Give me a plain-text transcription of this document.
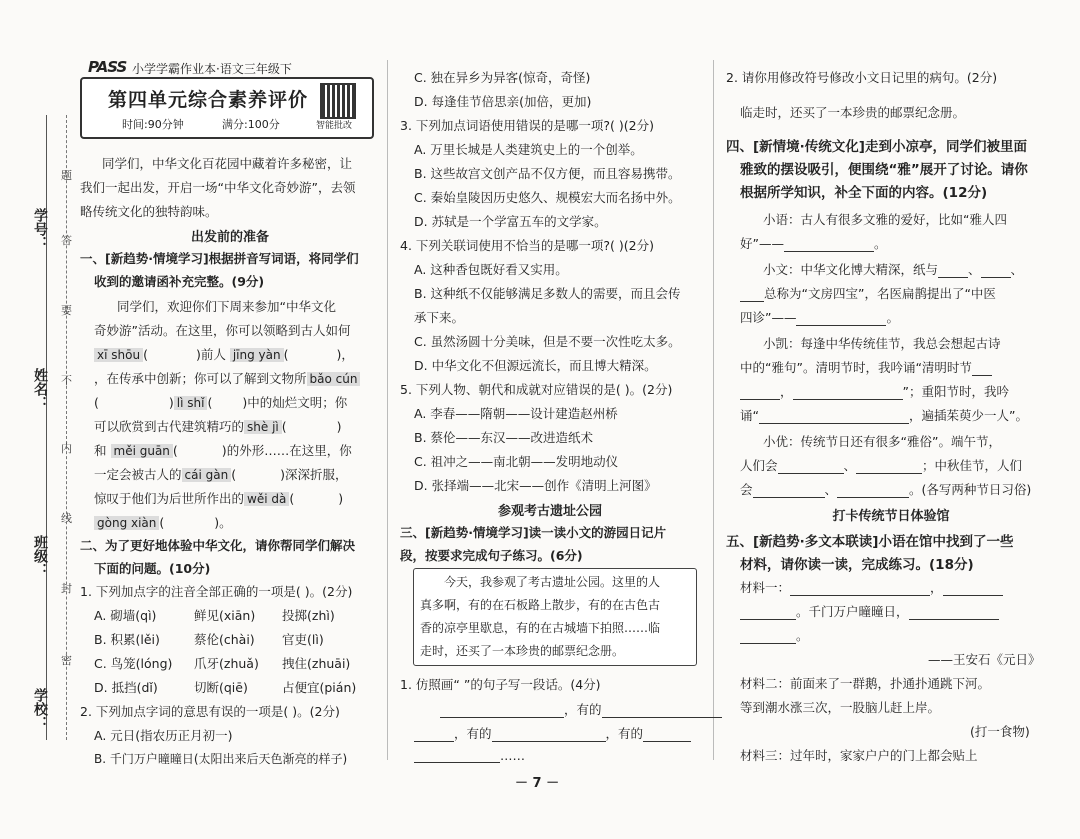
学号：
姓名：
班级：
学校：
题
答
要
不
内
线
封
密
PASS 小学学霸作业本·语文三年级下
第四单元综合素养评价
时间:90分钟	满分:100分	智能批改
同学们，中华文化百花园中藏着许多秘密，让
我们一起出发，开启一场“中华文化奇妙游”，去领
略传统文化的独特韵味。
出发前的准备
一、[新趋势·情境学习]根据拼音写词语，将同学们
收到的邀请函补充完整。(9分)
同学们，欢迎你们下周来参加“中华文化
奇妙游”活动。在这里，你可以领略到古人如何
xī shōu (	)前人 jīng yàn (	)，
，在传承中创新；你可以了解到文物所 bǎo cún
(	) lì shǐ ( )中的灿烂文明；你
可以欣赏到古代建筑精巧的 shè jì (	)
和 měi guān (	)的外形……在这里，你
一定会被古人的 cái gàn (	)深深折服，
惊叹于他们为后世所作出的 wěi dà (	)
gòng xiàn (	)。
二、为了更好地体验中华文化，请你帮同学们解决
下面的问题。(10分)
1. 下列加点字的注音全部正确的一项是( )。(2分)
A. 砌墙(qì)	鲜见(xiān) 投掷(zhì)
B. 积累(lěi)	蔡伦(chài) 官吏(lì)
C. 鸟笼(lóng) 爪牙(zhuǎ) 拽住(zhuāi)
D. 抵挡(dǐ)	切断(qiē)	占便宜(pián)
2. 下列加点字词的意思有误的一项是( )。(2分)
A. 元日(指农历正月初一)
B. 千门万户曈曈日(太阳出来后天色渐亮的样子)
C. 独在异乡为异客(惊奇，奇怪)
D. 每逢佳节倍思亲(加倍，更加)
3. 下列加点词语使用错误的是哪一项?( )(2分)
A. 万里长城是人类建筑史上的一个创举。
B. 这些故宫文创产品不仅方便，而且容易携带。
C. 秦始皇陵因历史悠久、规模宏大而名扬中外。
D. 苏轼是一个学富五车的文学家。
4. 下列关联词使用不恰当的是哪一项?( )(2分)
A. 这种香包既好看又实用。
B. 这种纸不仅能够满足多数人的需要，而且会传
承下来。
C. 虽然汤圆十分美味，但是不要一次性吃太多。
D. 中华文化不但源远流长，而且博大精深。
5. 下列人物、朝代和成就对应错误的是( )。(2分)
A. 李春——隋朝——设计建造赵州桥
B. 蔡伦——东汉——改进造纸术
C. 祖冲之——南北朝——发明地动仪
D. 张择端——北宋——创作《清明上河图》
参观考古遗址公园
三、[新趋势·情境学习]读一读小文的游园日记片
段，按要求完成句子练习。(6分)
今天，我参观了考古遗址公园。这里的人
真多啊，有的在石板路上散步，有的在古色古
香的凉亭里歇息，有的在古城墙下拍照……临
走时，还买了一本珍贵的邮票纪念册。
1. 仿照画“ ”的句子写一段话。(4分)
，有的
，有的	，有的
……
2. 请你用修改符号修改小文日记里的病句。(2分)
临走时，还买了一本珍贵的邮票纪念册。
四、[新情境·传统文化]走到小凉亭，同学们被里面
雅致的摆设吸引，便围绕“雅”展开了讨论。请你
根据所学知识，补全下面的内容。(12分)
小语：古人有很多文雅的爱好，比如“雅人四
好”——	。
小文：中华文化博大精深，纸与 、 、
总称为“文房四宝”，名医扁鹊提出了“中医
四诊”——	。
小凯：每逢中华传统佳节，我总会想起古诗
中的“雅句”。清明节时，我吟诵“清明时节
，	”；重阳节时，我吟
诵“	，遍插茱萸少一人”。
小优：传统节日还有很多“雅俗”。端午节，
人们会	、	；中秋佳节，人们
会	、	。(各写两种节日习俗)
打卡传统节日体验馆
五、[新趋势·多文本联读]小语在馆中找到了一些
材料，请你读一读，完成练习。(18分)
材料一：	，
。千门万户曈曈日，
。
——王安石《元日》
材料二：前面来了一群鹅，扑通扑通跳下河。
等到潮水涨三次，一股脑儿赶上岸。
(打一食物)
材料三：过年时，家家户户的门上都会贴上
－ 7 －
